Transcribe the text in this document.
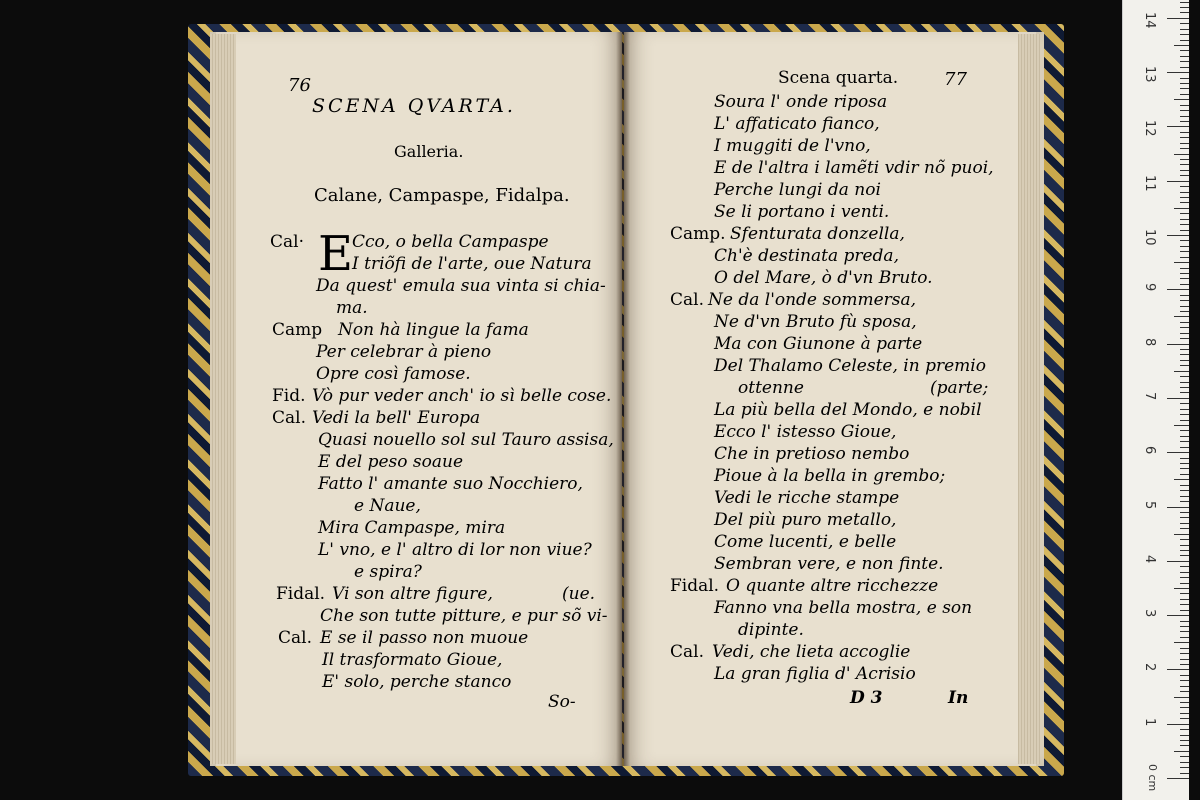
76
SCENA QVARTA.
Galleria.
Calane, Campaspe, Fidalpa.
E
Cal·	Cco, o bella Campaspe
I triõfi de l'arte, oue Natura
Da quest' emula sua vinta si chia-
ma.
Camp Non hà lingue la fama
Per celebrar à pieno
Opre così famose.
Fid. Vò pur veder anch' io sì belle cose.
Cal. Vedi la bell' Europa
Quasi nouello sol sul Tauro assisa,
E del peso soaue
Fatto l' amante suo Nocchiero,
e Naue,
Mira Campaspe, mira
L' vno, e l' altro di lor non viue?
e spira?
Fidal. Vi son altre figure,	(ue.
Che son tutte pitture, e pur sõ vi-
Cal. E se il passo non muoue
Il trasformato Gioue,
E' solo, perche stanco
So-
Scena quarta.	77
Soura l' onde riposa
L' affaticato fianco,
I muggiti de l'vno,
E de l'altra i lamẽti vdir nõ puoi,
Perche lungi da noi
Se li portano i venti.
Camp. Sfenturata donzella,
Ch'è destinata preda,
O del Mare, ò d'vn Bruto.
Cal. Ne da l'onde sommersa,
Ne d'vn Bruto fù sposa,
Ma con Giunone à parte
Del Thalamo Celeste, in premio
ottenne	(parte;
La più bella del Mondo, e nobil
Ecco l' istesso Gioue,
Che in pretioso nembo
Pioue à la bella in grembo;
Vedi le ricche stampe
Del più puro metallo,
Come lucenti, e belle
Sembran vere, e non finte.
Fidal. O quante altre ricchezze
Fanno vna bella mostra, e son
dipinte.
Cal. Vedi, che lieta accoglie
La gran figlia d' Acrisio
D 3	In
1
2
3
4
5
6
7
8
9
10
11
12
13
14
0 cm
